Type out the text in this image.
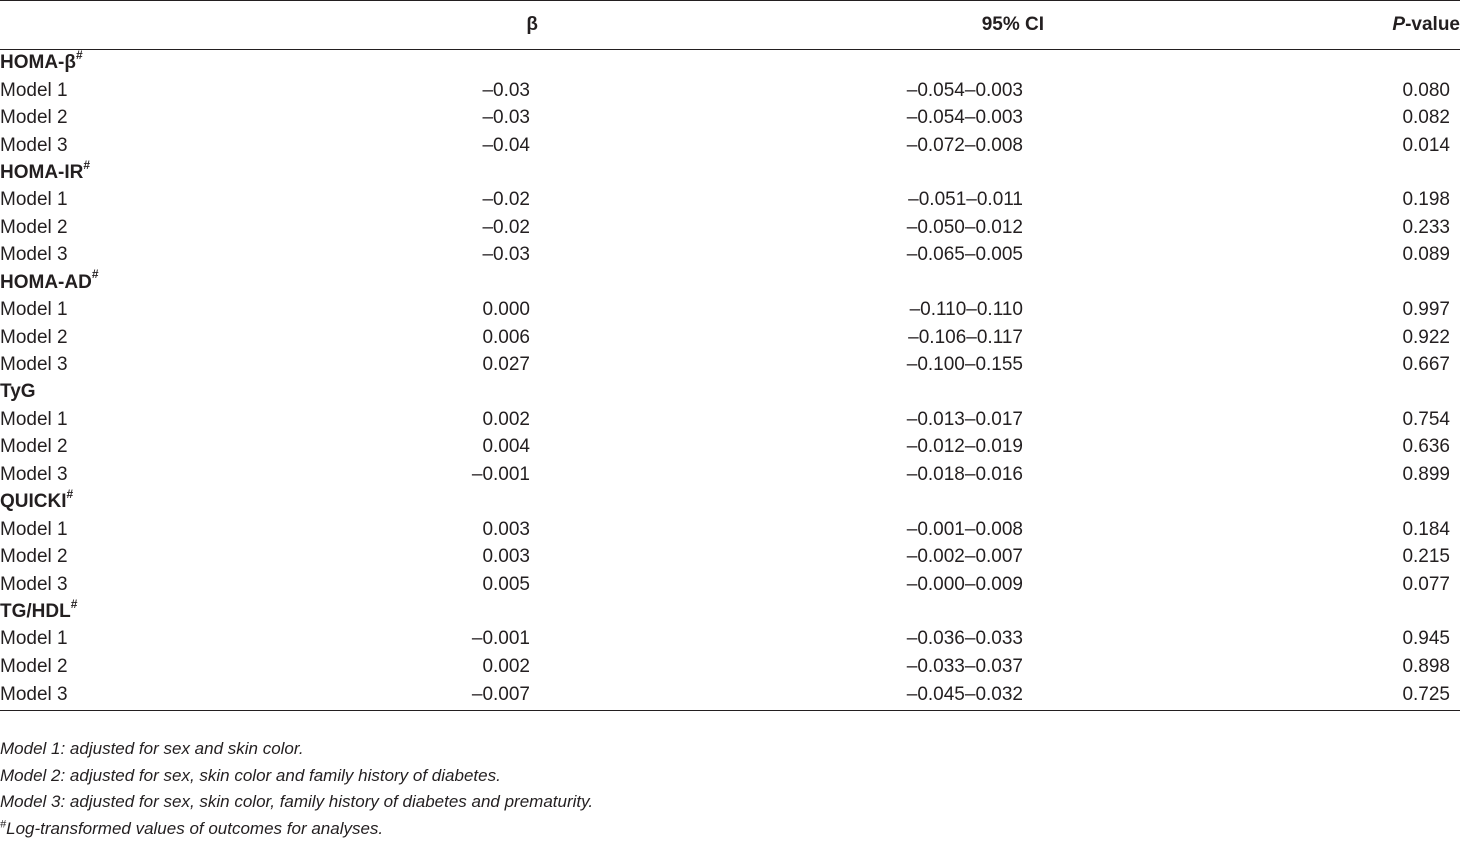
	β	95% CI	P-value
HOMA-β#
Model 1	–0.03	–0.054–0.003	0.080
Model 2	–0.03	–0.054–0.003	0.082
Model 3	–0.04	–0.072–0.008	0.014
HOMA-IR#
Model 1	–0.02	–0.051–0.011	0.198
Model 2	–0.02	–0.050–0.012	0.233
Model 3	–0.03	–0.065–0.005	0.089
HOMA-AD#
Model 1	0.000	–0.110–0.110	0.997
Model 2	0.006	–0.106–0.117	0.922
Model 3	0.027	–0.100–0.155	0.667
TyG			
Model 1	0.002	–0.013–0.017	0.754
Model 2	0.004	–0.012–0.019	0.636
Model 3	–0.001	–0.018–0.016	0.899
QUICKI#
Model 1	0.003	–0.001–0.008	0.184
Model 2	0.003	–0.002–0.007	0.215
Model 3	0.005	–0.000–0.009	0.077
TG/HDL#
Model 1	–0.001	–0.036–0.033	0.945
Model 2	0.002	–0.033–0.037	0.898
Model 3	–0.007	–0.045–0.032	0.725
Model 1: adjusted for sex and skin color.
Model 2: adjusted for sex, skin color and family history of diabetes.
Model 3: adjusted for sex, skin color, family history of diabetes and prematurity.
#Log-transformed values of outcomes for analyses.
